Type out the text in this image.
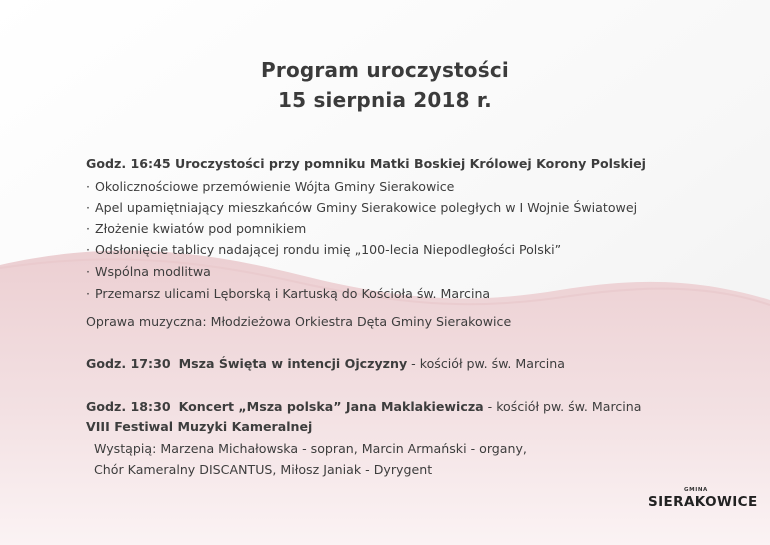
Program uroczystości
15 sierpnia 2018 r.
Godz. 16:45 Uroczystości przy pomniku Matki Boskiej Królowej Korony Polskiej
· Okolicznościowe przemówienie Wójta Gminy Sierakowice
· Apel upamiętniający mieszkańców Gminy Sierakowice poległych w I Wojnie Światowej
· Złożenie kwiatów pod pomnikiem
· Odsłonięcie tablicy nadającej rondu imię „100-lecia Niepodległości Polski”
· Wspólna modlitwa
· Przemarsz ulicami Lęborską i Kartuską do Kościoła św. Marcina
Oprawa muzyczna: Młodzieżowa Orkiestra Dęta Gminy Sierakowice
Godz. 17:30 Msza Święta w intencji Ojczyzny - kościół pw. św. Marcina
Godz. 18:30 Koncert „Msza polska” Jana Maklakiewicza - kościół pw. św. Marcina
VIII Festiwal Muzyki Kameralnej
Wystąpią: Marzena Michałowska - sopran, Marcin Armański - organy,
Chór Kameralny DISCANTUS, Miłosz Janiak - Dyrygent
GMINA
SIERAKOWICE
